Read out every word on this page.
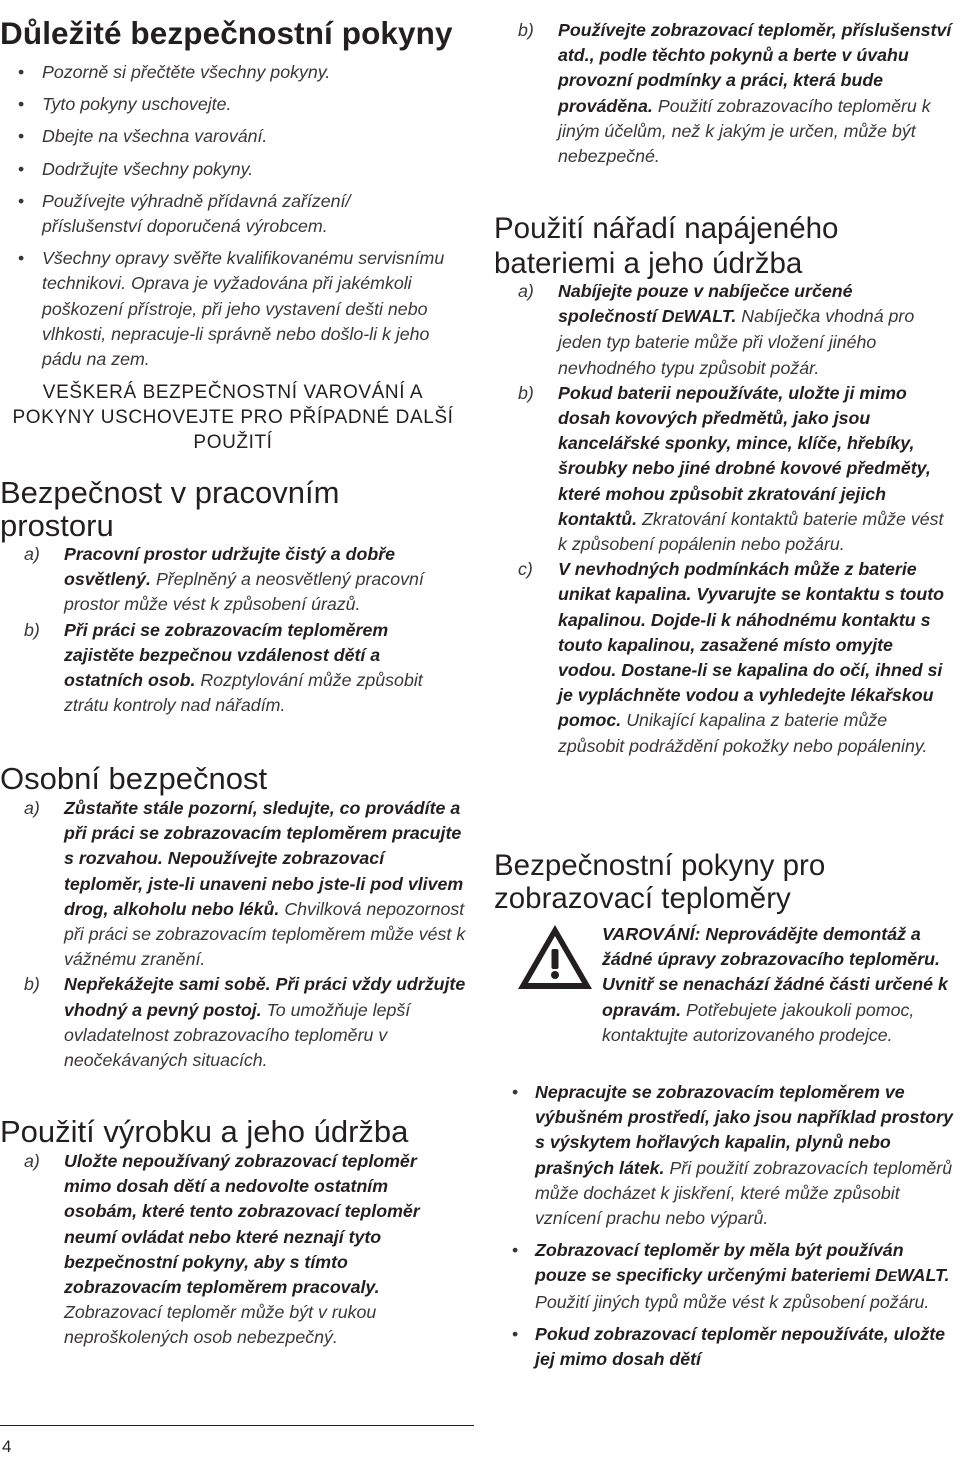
Důležité bezpečnostní pokyny
• Pozorně si přečtěte všechny pokyny.
• Tyto pokyny uschovejte.
• Dbejte na všechna varování.
• Dodržujte všechny pokyny.
• Používejte výhradně přídavná zařízení/ příslušenství doporučená výrobcem.
• Všechny opravy svěřte kvalifikovanému servisnímu technikovi. Oprava je vyžadována při jakémkoli poškození přístroje, při jeho vystavení dešti nebo vlhkosti, nepracuje-li správně nebo došlo-li k jeho pádu na zem.
VEŠKERÁ BEZPEČNOSTNÍ VAROVÁNÍ A POKYNY USCHOVEJTE PRO PŘÍPADNÉ DALŠÍ POUŽITÍ
Bezpečnost v pracovním prostoru
a) Pracovní prostor udržujte čistý a dobře osvětlený. Přeplněný a neosvětlený pracovní prostor může vést k způsobení úrazů.
b) Při práci se zobrazovacím teploměrem zajistěte bezpečnou vzdálenost dětí a ostatních osob. Rozptylování může způsobit ztrátu kontroly nad nářadím.
Osobní bezpečnost
a) Zůstaňte stále pozorní, sledujte, co provádíte a při práci se zobrazovacím teploměrem pracujte s rozvahou. Nepoužívejte zobrazovací teploměr, jste-li unaveni nebo jste-li pod vlivem drog, alkoholu nebo léků. Chvilková nepozornost při práci se zobrazovacím teploměrem může vést k vážnému zranění.
b) Nepřekážejte sami sobě. Při práci vždy udržujte vhodný a pevný postoj. To umožňuje lepší ovladatelnost zobrazovacího teploměru v neočekávaných situacích.
Použití výrobku a jeho údržba
a) Uložte nepoužívaný zobrazovací teploměr mimo dosah dětí a nedovolte ostatním osobám, které tento zobrazovací teploměr neumí ovládat nebo které neznají tyto bezpečnostní pokyny, aby s tímto zobrazovacím teploměrem pracovaly. Zobrazovací teploměr může být v rukou neproškolených osob nebezpečný.
4
b) Používejte zobrazovací teploměr, příslušenství atd., podle těchto pokynů a berte v úvahu provozní podmínky a práci, která bude prováděna. Použití zobrazovacího teploměru k jiným účelům, než k jakým je určen, může být nebezpečné.
Použití nářadí napájeného bateriemi a jeho údržba
a) Nabíjejte pouze v nabíječce určené společností DEWALT. Nabíječka vhodná pro jeden typ baterie může při vložení jiného nevhodného typu způsobit požár.
b) Pokud baterii nepoužíváte, uložte ji mimo dosah kovových předmětů, jako jsou kancelářské sponky, mince, klíče, hřebíky, šroubky nebo jiné drobné kovové předměty, které mohou způsobit zkratování jejich kontaktů. Zkratování kontaktů baterie může vést k způsobení popálenin nebo požáru.
c) V nevhodných podmínkách může z baterie unikat kapalina. Vyvarujte se kontaktu s touto kapalinou. Dojde-li k náhodnému kontaktu s touto kapalinou, zasažené místo omyjte vodou. Dostane-li se kapalina do očí, ihned si je vypláchněte vodou a vyhledejte lékařskou pomoc. Unikající kapalina z baterie může způsobit podráždění pokožky nebo popáleniny.
Bezpečnostní pokyny pro zobrazovací teploměry
VAROVÁNÍ: Neprovádějte demontáž a žádné úpravy zobrazovacího teploměru. Uvnitř se nenachází žádné části určené k opravám. Potřebujete jakoukoli pomoc, kontaktujte autorizovaného prodejce.
• Nepracujte se zobrazovacím teploměrem ve výbušném prostředí, jako jsou například prostory s výskytem hořlavých kapalin, plynů nebo prašných látek. Při použití zobrazovacích teploměrů může docházet k jiskření, které může způsobit vznícení prachu nebo výparů.
• Zobrazovací teploměr by měla být používán pouze se specificky určenými bateriemi DEWALT. Použití jiných typů může vést k způsobení požáru.
• Pokud zobrazovací teploměr nepoužíváte, uložte jej mimo dosah dětí
